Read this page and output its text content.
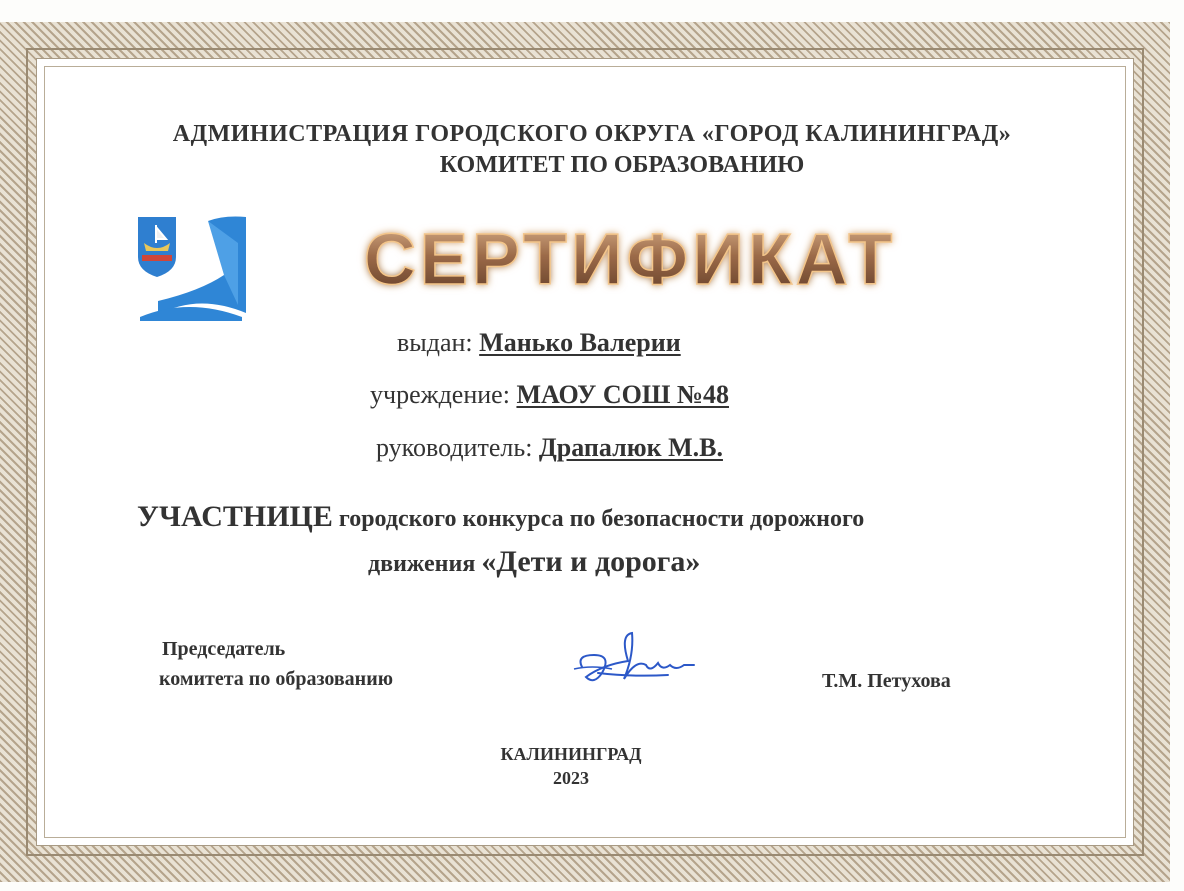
АДМИНИСТРАЦИЯ ГОРОДСКОГО ОКРУГА «ГОРОД КАЛИНИНГРАД»
КОМИТЕТ ПО ОБРАЗОВАНИЮ
СЕРТИФИКАТ
выдан: Манько Валерии
учреждение: МАОУ СОШ №48
руководитель: Драпалюк М.В.
УЧАСТНИЦЕ городского конкурса по безопасности дорожного
движения «Дети и дорога»
Председатель
комитета по образованию	Т.М. Петухова
КАЛИНИНГРАД
2023
